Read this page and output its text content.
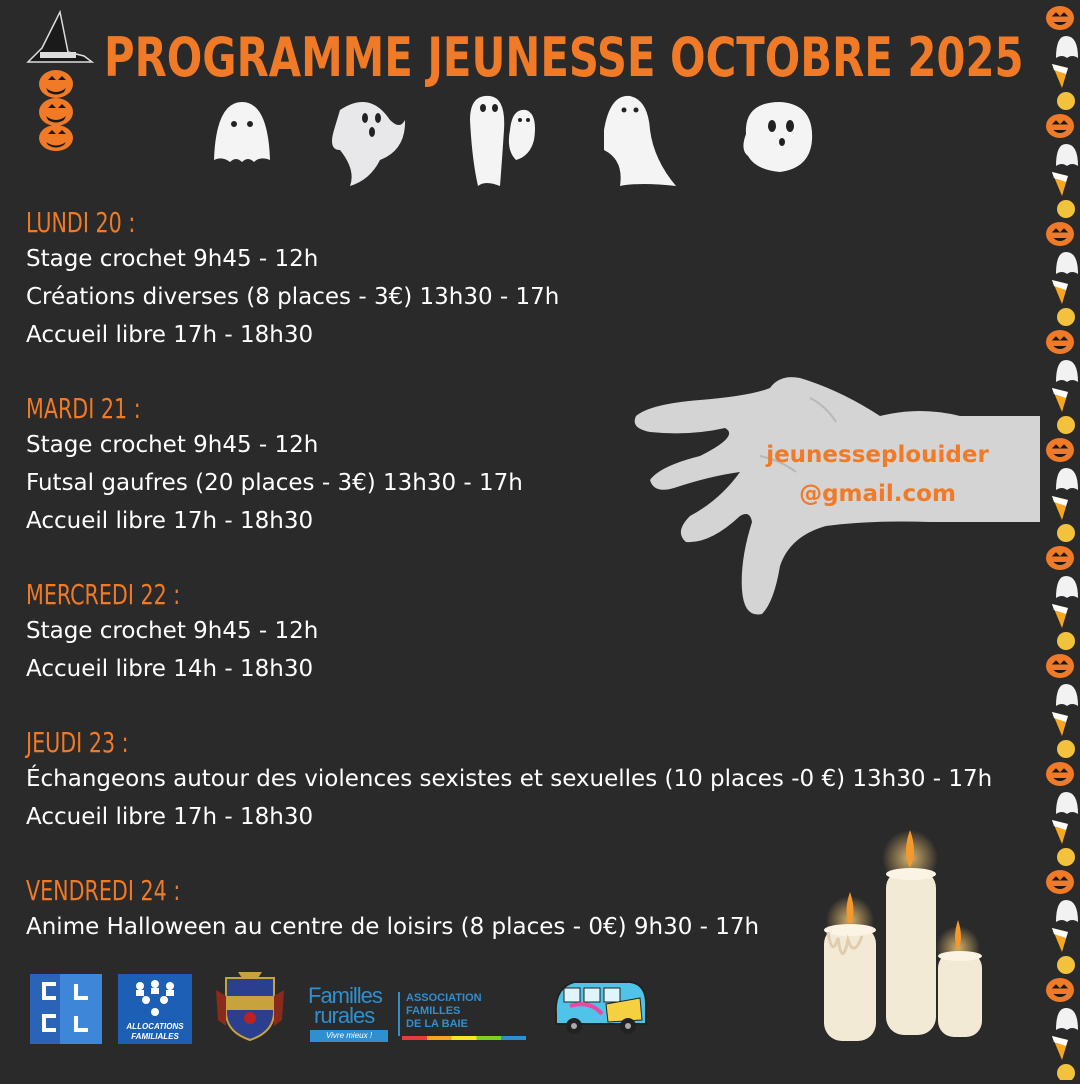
PROGRAMME JEUNESSE OCTOBRE 2025
LUNDI 20 :
Stage crochet 9h45 - 12h
Créations diverses (8 places - 3€) 13h30 - 17h
Accueil libre 17h - 18h30
MARDI 21 :
Stage crochet 9h45 - 12h
Futsal gaufres (20 places - 3€) 13h30 - 17h
Accueil libre 17h - 18h30
MERCREDI 22 :
Stage crochet 9h45 - 12h
Accueil libre 14h - 18h30
JEUDI 23 :
Échangeons autour des violences sexistes et sexuelles (10 places -0 €) 13h30 - 17h
Accueil libre 17h - 18h30
VENDREDI 24 :
Anime Halloween au centre de loisirs (8 places - 0€) 9h30 - 17h
jeunesseplouider
@gmail.com
ALLOCATIONS
FAMILIALES
Familles
rurales
Vivre mieux !
ASSOCIATION
FAMILLES
DE LA BAIE
